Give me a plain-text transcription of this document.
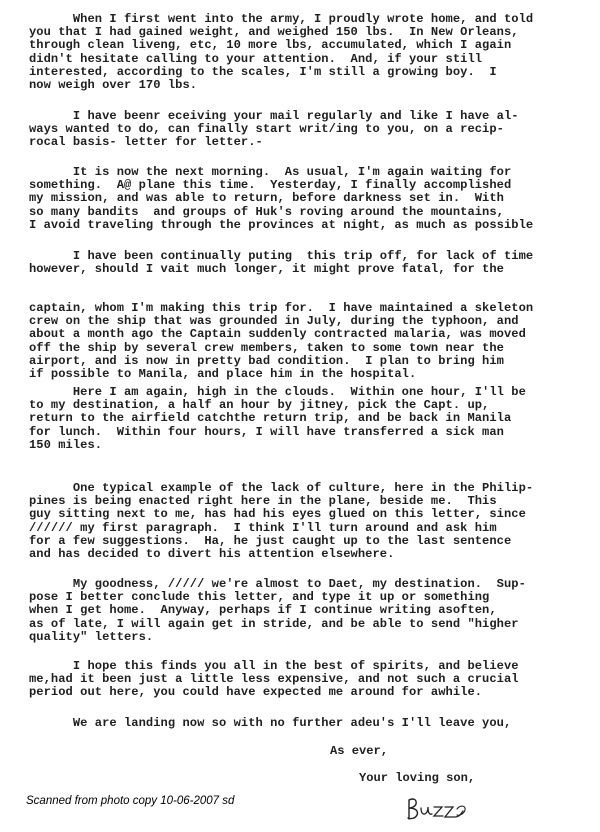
When I first went into the army, I proudly wrote home, and told
you that I had gained weight, and weighed 150 lbs.  In New Orleans,
through clean liveng, etc, 10 more lbs, accumulated, which I again
didn't hesitate calling to your attention.  And, if your still
interested, according to the scales, I'm still a growing boy.  I
now weigh over 170 lbs.
I have beenr eceiving your mail regularly and like I have al-
ways wanted to do, can finally start writ/ing to you, on a recip-
rocal basis- letter for letter.-
It is now the next morning.  As usual, I'm again waiting for
something.  A@ plane this time.  Yesterday, I finally accomplished
my mission, and was able to return, before darkness set in.  With
so many bandits  and groups of Huk's roving around the mountains,
I avoid traveling through the provinces at night, as much as possible
I have been continually puting  this trip off, for lack of time
however, should I vait much longer, it might prove fatal, for the
captain, whom I'm making this trip for.  I have maintained a skeleton
crew on the ship that was grounded in July, during the typhoon, and
about a month ago the Captain suddenly contracted malaria, was moved
off the ship by several crew members, taken to some town near the
airport, and is now in pretty bad condition.  I plan to bring him
if possible to Manila, and place him in the hospital.
Here I am again, high in the clouds.  Within one hour, I'll be
to my destination, a half an hour by jitney, pick the Capt. up,
return to the airfield catchthe return trip, and be back in Manila
for lunch.  Within four hours, I will have transferred a sick man
150 miles.
One typical example of the lack of culture, here in the Philip-
pines is being enacted right here in the plane, beside me.  This
guy sitting next to me, has had his eyes glued on this letter, since
////// my first paragraph.  I think I'll turn around and ask him
for a few suggestions.  Ha, he just caught up to the last sentence
and has decided to divert his attention elsewhere.
My goodness, ///// we're almost to Daet, my destination.  Sup-
pose I better conclude this letter, and type it up or something
when I get home.  Anyway, perhaps if I continue writing asoften,
as of late, I will again get in stride, and be able to send "higher
quality" letters.
I hope this finds you all in the best of spirits, and believe
me,had it been just a little less expensive, and not such a crucial
period out here, you could have expected me around for awhile.
We are landing now so with no further adeu's I'll leave you,
As ever,
Your loving son,
Scanned from photo copy 10-06-2007 sd
